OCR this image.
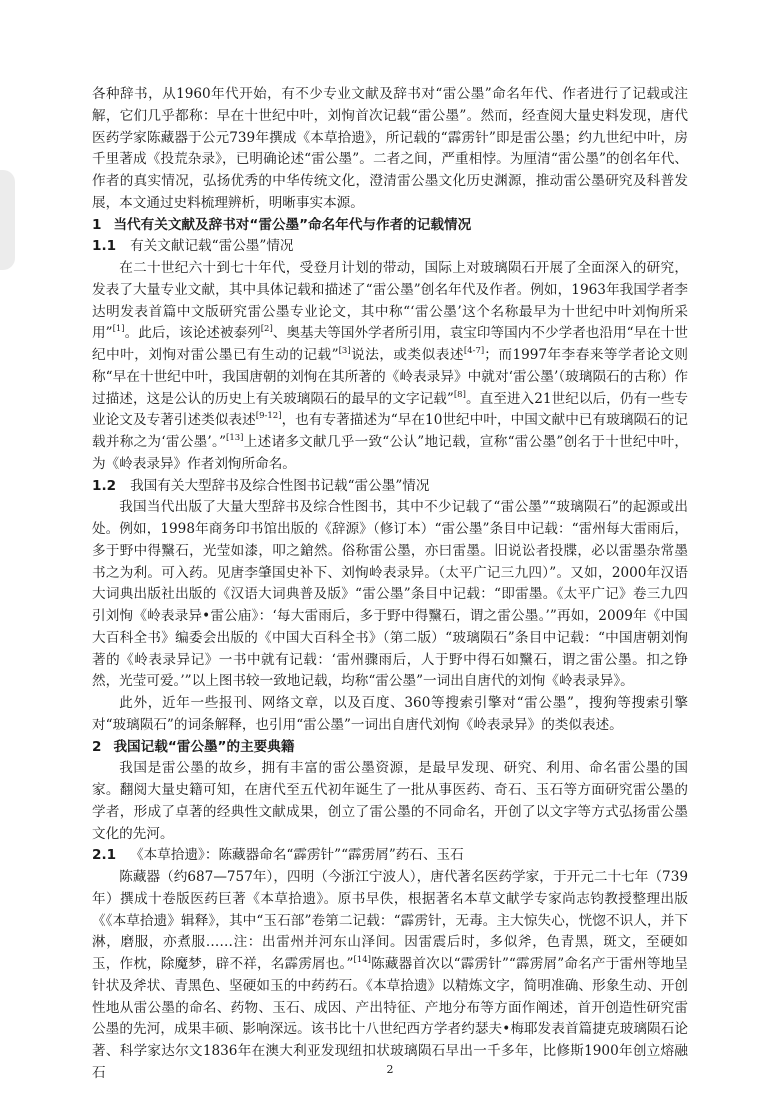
各种辞书，从1960年代开始，有不少专业文献及辞书对“雷公墨”命名年代、作者进行了记载或注解，它们几乎都称：早在十世纪中叶，刘恂首次记载“雷公墨”。然而，经查阅大量史料发现，唐代医药学家陈藏器于公元739年撰成《本草拾遗》，所记载的“霹雳针”即是雷公墨；约九世纪中叶，房千里著成《投荒杂录》，已明确论述“雷公墨”。二者之间，严重相悖。为厘清“雷公墨”的创名年代、作者的真实情况，弘扬优秀的中华传统文化，澄清雷公墨文化历史渊源，推动雷公墨研究及科普发展，本文通过史料梳理辨析，明晰事实本源。

1 当代有关文献及辞书对“雷公墨”命名年代与作者的记载情况
1.1 有关文献记载“雷公墨”情况

在二十世纪六十到七十年代，受登月计划的带动，国际上对玻璃陨石开展了全面深入的研究，发表了大量专业文献，其中具体记载和描述了“雷公墨”创名年代及作者。例如，1963年我国学者李达明发表首篇中文版研究雷公墨专业论文，其中称“‘雷公墨’这个名称最早为十世纪中叶刘恂所采用”[1]。此后，该论述被泰列[2]、奥基夫等国外学者所引用，袁宝印等国内不少学者也沿用“早在十世纪中叶，刘恂对雷公墨已有生动的记载”[3]说法，或类似表述[4-7]；而1997年李春来等学者论文则称“早在十世纪中叶，我国唐朝的刘恂在其所著的《岭表录异》中就对‘雷公墨’（玻璃陨石的古称）作过描述，这是公认的历史上有关玻璃陨石的最早的文字记载”[8]。直至进入21世纪以后，仍有一些专业论文及专著引述类似表述[9-12]，也有专著描述为“早在10世纪中叶，中国文献中已有玻璃陨石的记载并称之为‘雷公墨’。”[13]上述诸多文献几乎一致“公认”地记载，宣称“雷公墨”创名于十世纪中叶，为《岭表录异》作者刘恂所命名。

1.2 我国有关大型辞书及综合性图书记载“雷公墨”情况

我国当代出版了大量大型辞书及综合性图书，其中不少记载了“雷公墨”“玻璃陨石”的起源或出处。例如，1998年商务印书馆出版的《辞源》（修订本）“雷公墨”条目中记载：“雷州每大雷雨后，多于野中得黳石，光莹如漆，叩之鎗然。俗称雷公墨，亦曰雷墨。旧说讼者投牒，必以雷墨杂常墨书之为利。可入药。见唐李肇国史补下、刘恂岭表录异。（太平广记三九四）”。又如，2000年汉语大词典出版社出版的《汉语大词典普及版》“雷公墨”条目中记载：“即雷墨。《太平广记》卷三九四引刘恂《岭表录异•雷公庙》：‘每大雷雨后，多于野中得黳石，谓之雷公墨。’”再如，2009年《中国大百科全书》编委会出版的《中国大百科全书》（第二版）“玻璃陨石”条目中记载：“中国唐朝刘恂著的《岭表录异记》一书中就有记载：‘雷州骤雨后，人于野中得石如黳石，谓之雷公墨。扣之铮然，光莹可爱。’”以上图书较一致地记载，均称“雷公墨”一词出自唐代的刘恂《岭表录异》。

此外，近年一些报刊、网络文章，以及百度、360等搜索引擎对“雷公墨”，搜狗等搜索引擎对“玻璃陨石”的词条解释，也引用“雷公墨”一词出自唐代刘恂《岭表录异》的类似表述。

2 我国记载“雷公墨”的主要典籍

我国是雷公墨的故乡，拥有丰富的雷公墨资源，是最早发现、研究、利用、命名雷公墨的国家。翻阅大量史籍可知，在唐代至五代初年诞生了一批从事医药、奇石、玉石等方面研究雷公墨的学者，形成了卓著的经典性文献成果，创立了雷公墨的不同命名，开创了以文字等方式弘扬雷公墨文化的先河。

2.1 《本草拾遗》：陈藏器命名“霹雳针”“霹雳屑”药石、玉石

陈藏器（约687—757年），四明（今浙江宁波人），唐代著名医药学家，于开元二十七年（739年）撰成十卷版医药巨著《本草拾遗》。原书早佚，根据著名本草文献学专家尚志钧教授整理出版《《本草拾遗》辑释》，其中“玉石部”卷第二记载：“霹雳针，无毒。主大惊失心，恍惚不识人，并下淋，磨服，亦煮服……注：出雷州并河东山泽间。因雷震后时，多似斧，色青黑，斑文，至硬如玉，作枕，除魔梦，辟不祥，名霹雳屑也。”[14]陈藏器首次以“霹雳针”“霹雳屑”命名产于雷州等地呈针状及斧状、青黑色、坚硬如玉的中药药石。《本草拾遗》以精炼文字，简明准确、形象生动、开创性地从雷公墨的命名、药物、玉石、成因、产出特征、产地分布等方面作阐述，首开创造性研究雷公墨的先河，成果丰硕、影响深远。该书比十八世纪西方学者约瑟夫•梅耶发表首篇捷克玻璃陨石论著、科学家达尔文1836年在澳大利亚发现纽扣状玻璃陨石早出一千多年，比修斯1900年创立熔融石	2
